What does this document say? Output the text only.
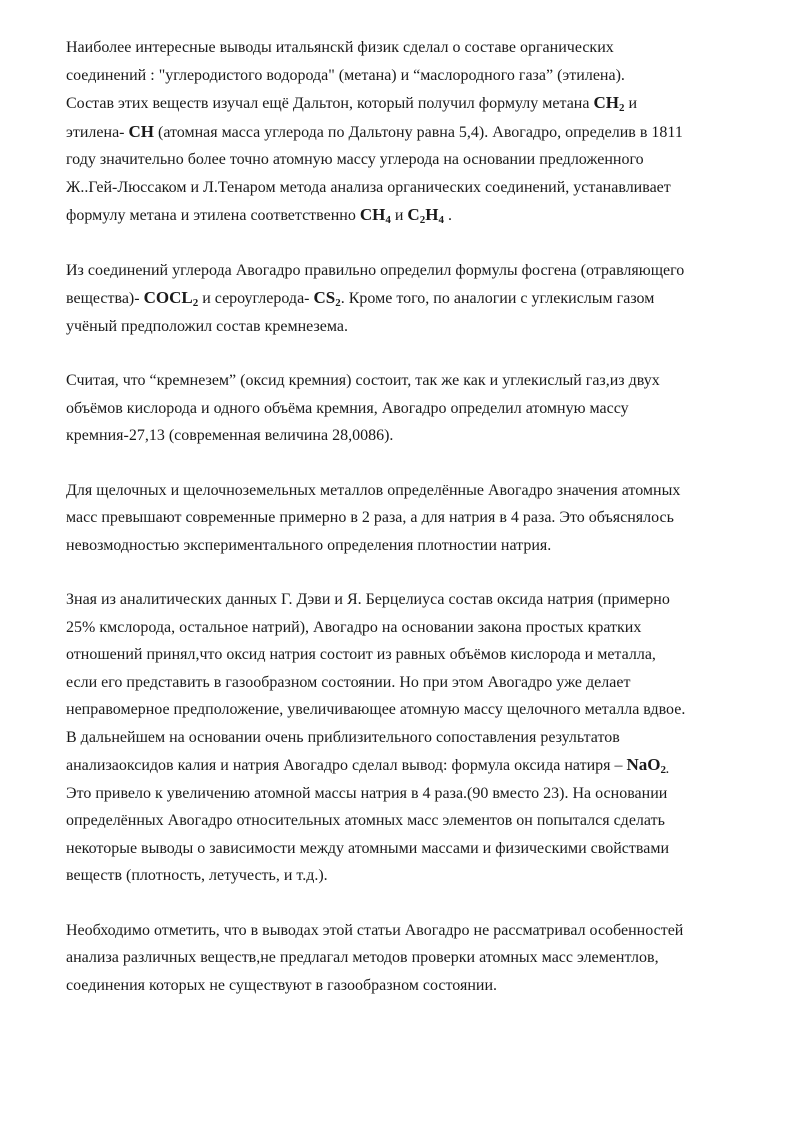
Наиболее интересные выводы итальянскй физик сделал о составе органических
соединений : "углеродистого водорода" (метана) и “маслородного газа” (этилена).
Состав этих веществ изучал ещё Дальтон, который получил формулу метана $CH_2$ и
этилена- CH (атомная масса углерода по Дальтону равна 5,4). Авогадро, определив в 1811
году значительно более точно атомную массу углерода на основании предложенного
Ж..Гей-Люссаком и Л.Тенаром метода анализа органических соединений, устанавливает
формулу метана и этилена соответственно $CH_4$ и $C_2H_4$ .
Из соединений углерода Авогадро правильно определил формулы фосгена (отравляющего
вещества)- $COCL_2$ и сероуглерода- $CS_2$. Кроме того, по аналогии с углекислым газом
учёный предположил состав кремнезема.
Считая, что “кремнезем” (оксид кремния) состоит, так же как и углекислый газ,из двух
объёмов кислорода и одного объёма кремния, Авогадро определил атомную массу
кремния-27,13 (современная величина 28,0086).
Для щелочных и щелочноземельных металлов определённые Авогадро значения атомных
масс превышают современные примерно в 2 раза, а для натрия в 4 раза. Это объяснялось
невозмодностью экспериментального определения плотностии натрия.
Зная из аналитических данных Г. Дэви и Я. Берцелиуса состав оксида натрия (примерно
25% кмслорода, остальное натрий), Авогадро на основании закона простых кратких
отношений принял,что оксид натрия состоит из равных объёмов кислорода и металла,
если его представить в газообразном состоянии. Но при этом Авогадро уже делает
неправомерное предположение, увеличивающее атомную массу щелочного металла вдвое.
В дальнейшем на основании очень приблизительного сопоставления результатов
анализаоксидов калия и натрия Авогадро сделал вывод: формула оксида натиря – NaO$_{2.}$
Это привело к увеличению атомной массы натрия в 4 раза.(90 вместо 23). На основании
определённых Авогадро относительных атомных масс элементов он попытался сделать
некоторые выводы о зависимости между атомными массами и физическими свойствами
веществ (плотность, летучесть, и т.д.).
Необходимо отметить, что в выводах этой статьи Авогадро не рассматривал особенностей
анализа различных веществ,не предлагал методов проверки атомных масс элементлов,
соединения которых не существуют в газообразном состоянии.
